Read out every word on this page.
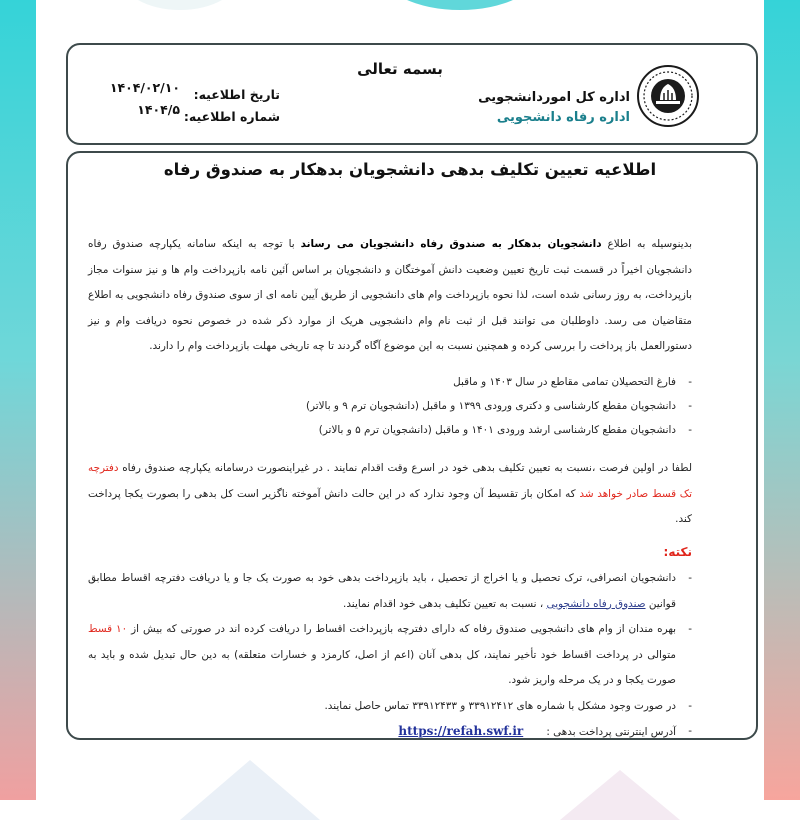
بسمه تعالی
اداره کل اموردانشجویی
اداره رفاه دانشجویی
تاریخ اطلاعیه:
۱۴۰۴/۰۲/۱۰
شماره اطلاعیه:
۱۴۰۴/۵
اطلاعیه تعیین تکلیف بدهی دانشجویان بدهکار به صندوق رفاه
بدینوسیله به اطلاع دانشجویان بدهکار به صندوق رفاه دانشجویان می رساند با توجه به اینکه سامانه یکپارچه صندوق رفاه دانشجویان اخیراً در قسمت ثبت تاریخ تعیین وضعیت دانش آموختگان و دانشجویان بر اساس آئین نامه بازپرداخت وام ها و نیز سنوات مجاز بازپرداخت، به روز رسانی شده است، لذا نحوه بازپرداخت وام های دانشجویی از طریق آیین نامه ای از سوی صندوق رفاه دانشجویی به اطلاع متقاضیان می رسد. داوطلبان می توانند قبل از ثبت نام وام دانشجویی هریک از موارد ذکر شده در خصوص نحوه دریافت وام و نیز دستورالعمل باز پرداخت را بررسی کرده و همچنین نسبت به این موضوع آگاه گردند تا چه تاریخی مهلت بازپرداخت وام را دارند.
- فارغ التحصیلان تمامی مقاطع در سال ۱۴۰۳ و ماقبل
- دانشجویان مقطع کارشناسی و دکتری ورودی ۱۳۹۹ و ماقبل (دانشجویان ترم ۹ و بالاتر)
- دانشجویان مقطع کارشناسی ارشد ورودی ۱۴۰۱ و ماقبل (دانشجویان ترم ۵ و بالاتر)
لطفا در اولین فرصت ،نسبت به تعیین تکلیف بدهی خود در اسرع وقت اقدام نمایند . در غیراینصورت درسامانه یکپارچه صندوق رفاه دفترچه تک قسط صادر خواهد شد که امکان باز تقسیط آن وجود ندارد که در این حالت دانش آموخته ناگزیر است کل بدهی را بصورت یکجا پرداخت کند.
نکته:
- دانشجویان انصرافی، ترک تحصیل و یا اخراج از تحصیل ، باید بازپرداخت بدهی خود به صورت یک جا و یا دریافت دفترچه اقساط مطابق قوانین صندوق رفاه دانشجویی ، نسبت به تعیین تکلیف بدهی خود اقدام نمایند.
- بهره مندان از وام های دانشجویی صندوق رفاه که دارای دفترچه بازپرداخت اقساط را دریافت کرده اند در صورتی که بیش از ۱۰ قسط متوالی در پرداخت اقساط خود تأخیر نمایند، کل بدهی آنان (اعم از اصل، کارمزد و خسارات متعلقه) به دین حال تبدیل شده و باید به صورت یکجا و در یک مرحله واریز شود.
- در صورت وجود مشکل با شماره های ۳۳۹۱۲۴۱۲ و ۳۳۹۱۲۴۳۳ تماس حاصل نمایند.
- آدرس اینترنتی پرداخت بدهی :       https://refah.swf.ir
